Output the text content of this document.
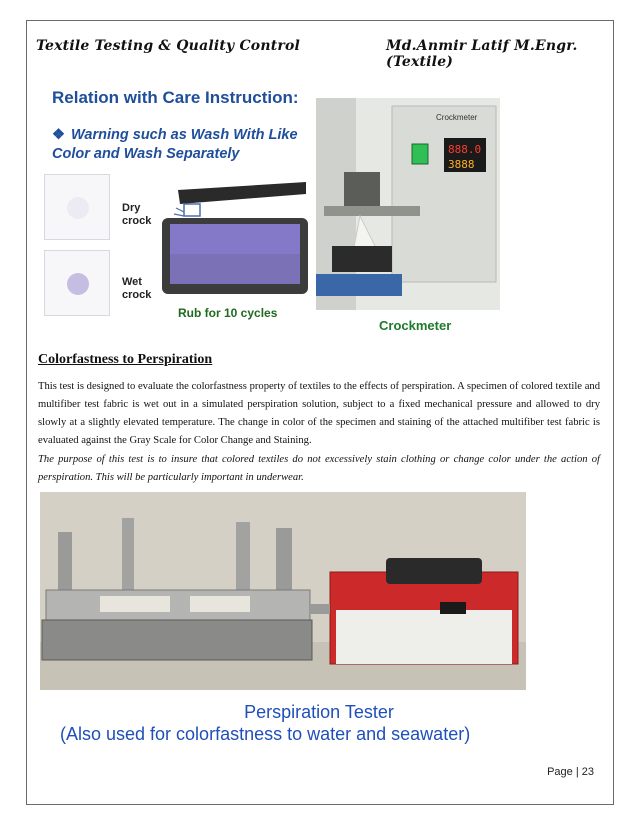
Textile Testing & Quality Control	Md.Anmir Latif M.Engr.(Textile)
Relation with Care Instruction:
❖ Warning such as Wash With Like Color and Wash Separately
Dry
crock
Wet
crock
Rub for 10 cycles
888.0
3888
Crockmeter
Crockmeter
Colorfastness to Perspiration
This test is designed to evaluate the colorfastness property of textiles to the effects of perspiration. A specimen of colored textile and multifiber test fabric is wet out in a simulated perspiration solution, subject to a fixed mechanical pressure and allowed to dry slowly at a slightly elevated temperature. The change in color of the specimen and staining of the attached multifiber test fabric is evaluated against the Gray Scale for Color Change and Staining.
The purpose of this test is to insure that colored textiles do not excessively stain clothing or change color under the action of perspiration. This will be particularly important in underwear.
Perspiration Tester
(Also used for colorfastness to water and seawater)
Page | 23
